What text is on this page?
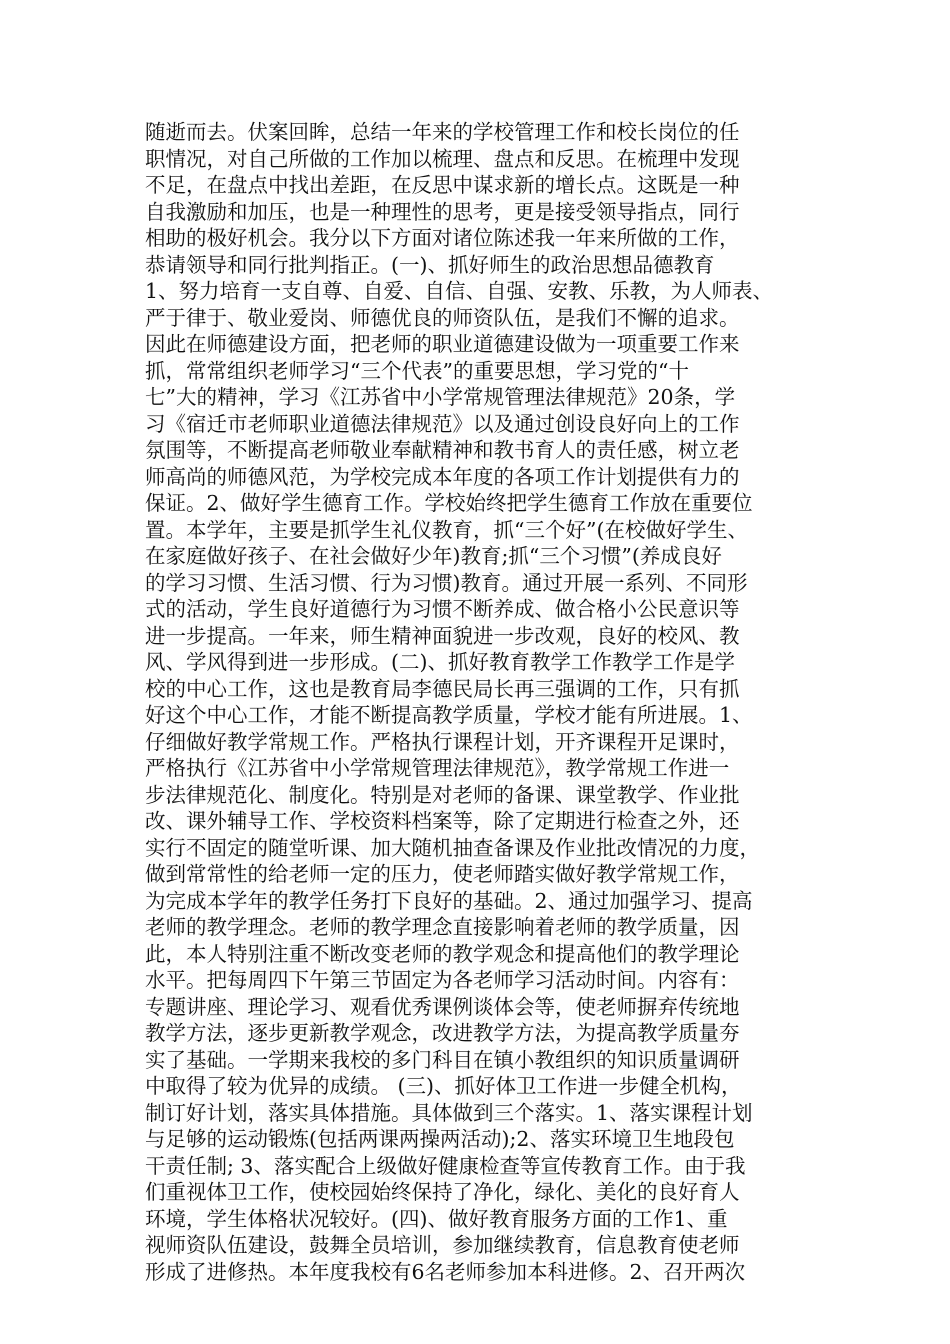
随逝而去。伏案回眸，总结一年来的学校管理工作和校长岗位的任
职情况，对自己所做的工作加以梳理、盘点和反思。在梳理中发现
不足，在盘点中找出差距，在反思中谋求新的增长点。这既是一种
自我激励和加压，也是一种理性的思考，更是接受领导指点，同行
相助的极好机会。我分以下方面对诸位陈述我一年来所做的工作，
恭请领导和同行批判指正。(一)、抓好师生的政治思想品德教育
1、努力培育一支自尊、自爱、自信、自强、安教、乐教，为人师表、
严于律于、敬业爱岗、师德优良的师资队伍，是我们不懈的追求。
因此在师德建设方面，把老师的职业道德建设做为一项重要工作来
抓，常常组织老师学习“三个代表”的重要思想，学习党的“十
七”大的精神，学习《江苏省中小学常规管理法律规范》20条，学
习《宿迁市老师职业道德法律规范》以及通过创设良好向上的工作
氛围等，不断提高老师敬业奉献精神和教书育人的责任感，树立老
师高尚的师德风范，为学校完成本年度的各项工作计划提供有力的
保证。2、做好学生德育工作。学校始终把学生德育工作放在重要位
置。本学年，主要是抓学生礼仪教育，抓“三个好”(在校做好学生、
在家庭做好孩子、在社会做好少年)教育;抓“三个习惯”(养成良好
的学习习惯、生活习惯、行为习惯)教育。通过开展一系列、不同形
式的活动，学生良好道德行为习惯不断养成、做合格小公民意识等
进一步提高。一年来，师生精神面貌进一步改观，良好的校风、教
风、学风得到进一步形成。(二)、抓好教育教学工作教学工作是学
校的中心工作，这也是教育局李德民局长再三强调的工作，只有抓
好这个中心工作，才能不断提高教学质量，学校才能有所进展。1、
仔细做好教学常规工作。严格执行课程计划，开齐课程开足课时，
严格执行《江苏省中小学常规管理法律规范》，教学常规工作进一
步法律规范化、制度化。特别是对老师的备课、课堂教学、作业批
改、课外辅导工作、学校资料档案等，除了定期进行检查之外，还
实行不固定的随堂听课、加大随机抽查备课及作业批改情况的力度，
做到常常性的给老师一定的压力，使老师踏实做好教学常规工作，
为完成本学年的教学任务打下良好的基础。2、通过加强学习、提高
老师的教学理念。老师的教学理念直接影响着老师的教学质量，因
此，本人特别注重不断改变老师的教学观念和提高他们的教学理论
水平。把每周四下午第三节固定为各老师学习活动时间。内容有：
专题讲座、理论学习、观看优秀课例谈体会等，使老师摒弃传统地
教学方法，逐步更新教学观念，改进教学方法，为提高教学质量夯
实了基础。一学期来我校的多门科目在镇小教组织的知识质量调研
中取得了较为优异的成绩。 (三)、抓好体卫工作进一步健全机构，
制订好计划，落实具体措施。具体做到三个落实。1、落实课程计划
与足够的运动锻炼(包括两课两操两活动);2、落实环境卫生地段包
干责任制; 3、落实配合上级做好健康检查等宣传教育工作。由于我
们重视体卫工作，使校园始终保持了净化，绿化、美化的良好育人
环境，学生体格状况较好。(四)、做好教育服务方面的工作1、重
视师资队伍建设，鼓舞全员培训，参加继续教育，信息教育使老师
形成了进修热。本年度我校有6名老师参加本科进修。2、召开两次
